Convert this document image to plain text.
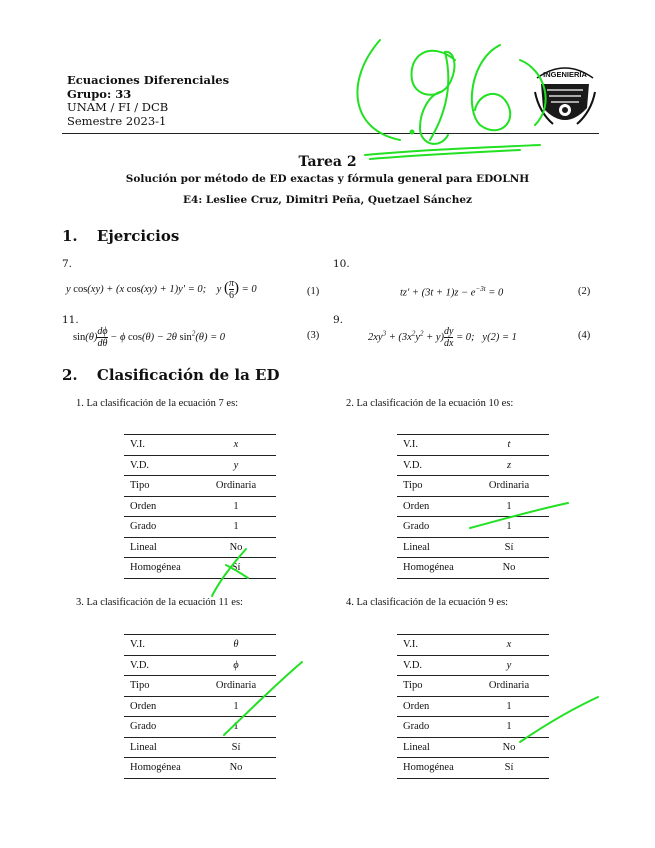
Ecuaciones Diferenciales
Grupo: 33
UNAM / FI / DCB
Semestre 2023-1
INGENIERÍA
Tarea 2
Solución por método de ED exactas y fórmula general para EDOLNH
E4: Lesliee Cruz, Dimitri Peña, Quetzael Sánchez
1. Ejercicios
7.
y cos(xy) + (x cos(xy) + 1)y′ = 0;    y ( $\frac{\pi}{6}$ ) = 0	(1)
10.
$tz' + (3t + 1)z - e^{-3t} = 0$	(2)
11.
$\sin(\theta) \frac{d\phi}{d\theta} - \phi$ cos(θ) − 2θ $\sin^2(\theta) = 0$	(3)
9.
$2xy^3 + (3x^2y^2 + y) \frac{dy}{dx} = 0$;   y(2) = 1	(4)
2. Clasificación de la ED
1. La clasificación de la ecuación 7 es:	2. La clasificación de la ecuación 10 es:
3. La clasificación de la ecuación 11 es:	4. La clasificación de la ecuación 9 es:
V.I.	x
V.D.	y
Tipo	Ordinaria
Orden	1
Grado	1
Lineal	No
Homogénea	Sí
V.I.	t
V.D.	z
Tipo	Ordinaria
Orden	1
Grado	1
Lineal	Sí
Homogénea	No
V.I.	θ
V.D.	ϕ
Tipo	Ordinaria
Orden	1
Grado	1
Lineal	Sí
Homogénea	No
V.I.	x
V.D.	y
Tipo	Ordinaria
Orden	1
Grado	1
Lineal	No
Homogénea	Sí
